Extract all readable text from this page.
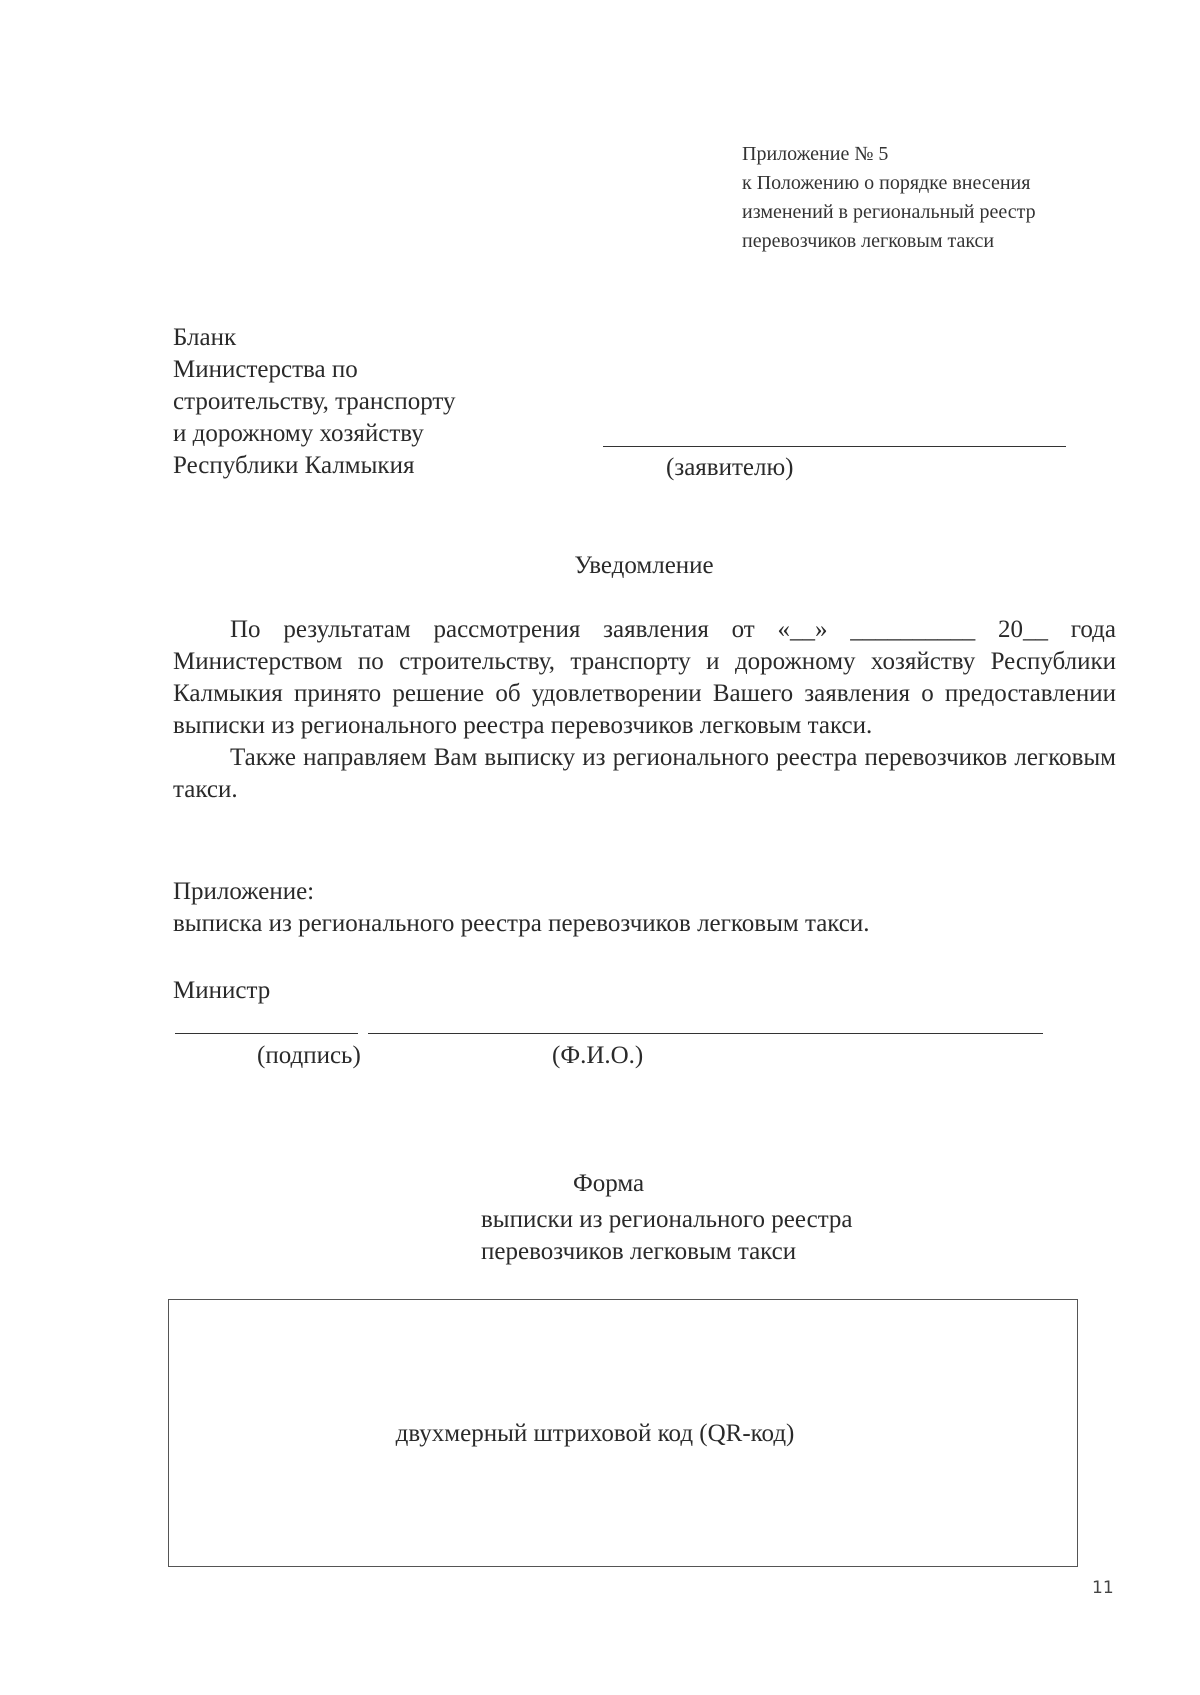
Приложение № 5
к Положению о порядке внесения
изменений в региональный реестр
перевозчиков легковым такси
Бланк
Министерства по
строительству, транспорту
и дорожному хозяйству
Республики Калмыкия	(заявителю)
Уведомление

По результатам рассмотрения заявления от «__» __________ 20__ года Министерством по строительству, транспорту и дорожному хозяйству Республики Калмыкия принято решение об удовлетворении Вашего заявления о предоставлении выписки из регионального реестра перевозчиков легковым такси.

Также направляем Вам выписку из регионального реестра перевозчиков легковым такси.

Приложение:
выписка из регионального реестра перевозчиков легковым такси.
Министр
(подпись)	(Ф.И.О.)
Форма
выписки из регионального реестра
перевозчиков легковым такси
двухмерный штриховой код (QR-код)
11
